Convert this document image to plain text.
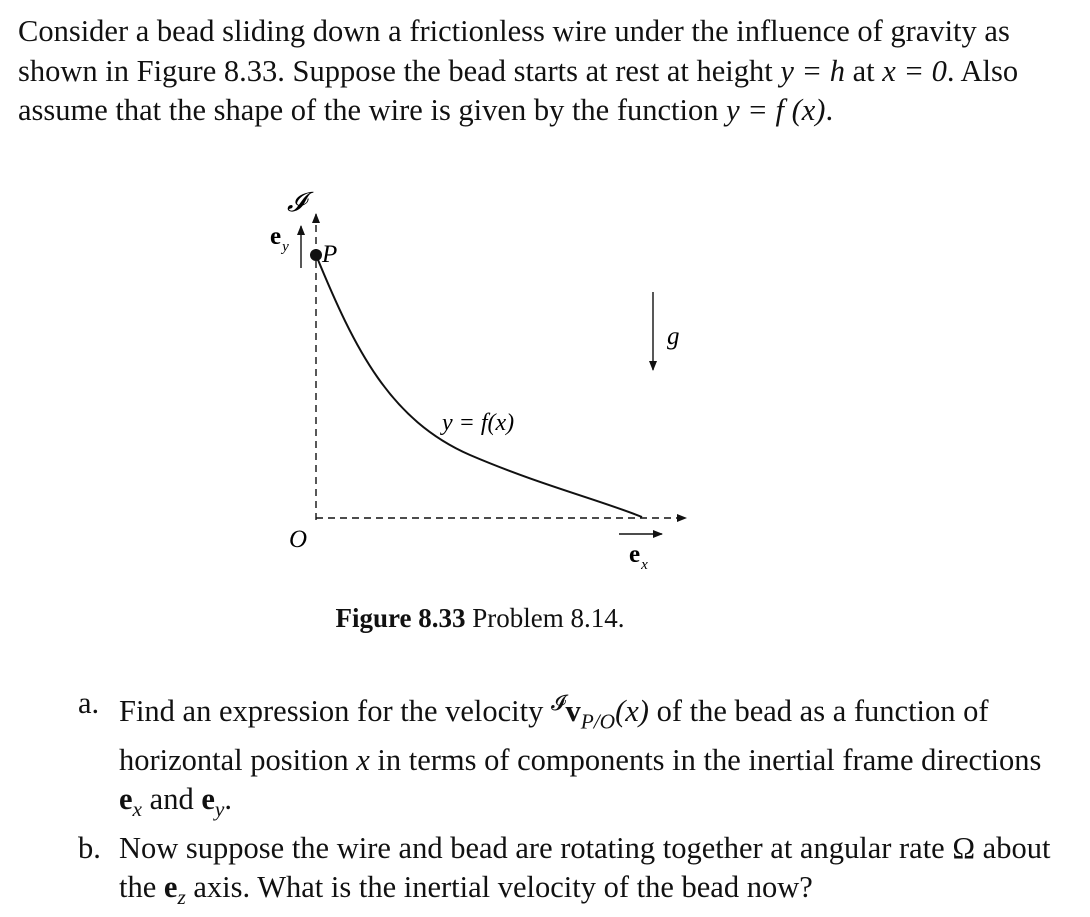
Consider a bead sliding down a frictionless wire under the influence of gravity as shown in Figure 8.33. Suppose the bead starts at rest at height y = h at x = 0. Also assume that the shape of the wire is given by the function y = f (x).

𝓘
$e_y$ P
g
y = f(x)
O
$e_x$
Figure 8.33 Problem 8.14.
a. Find an expression for the velocity $^𝓘v_{P/O}(x)$ of the bead as a function of horizontal position x in terms of components in the inertial frame directions $e_x$ and $e_y$.
b. Now suppose the wire and bead are rotating together at angular rate Ω about the $e_z$ axis. What is the inertial velocity of the bead now?
